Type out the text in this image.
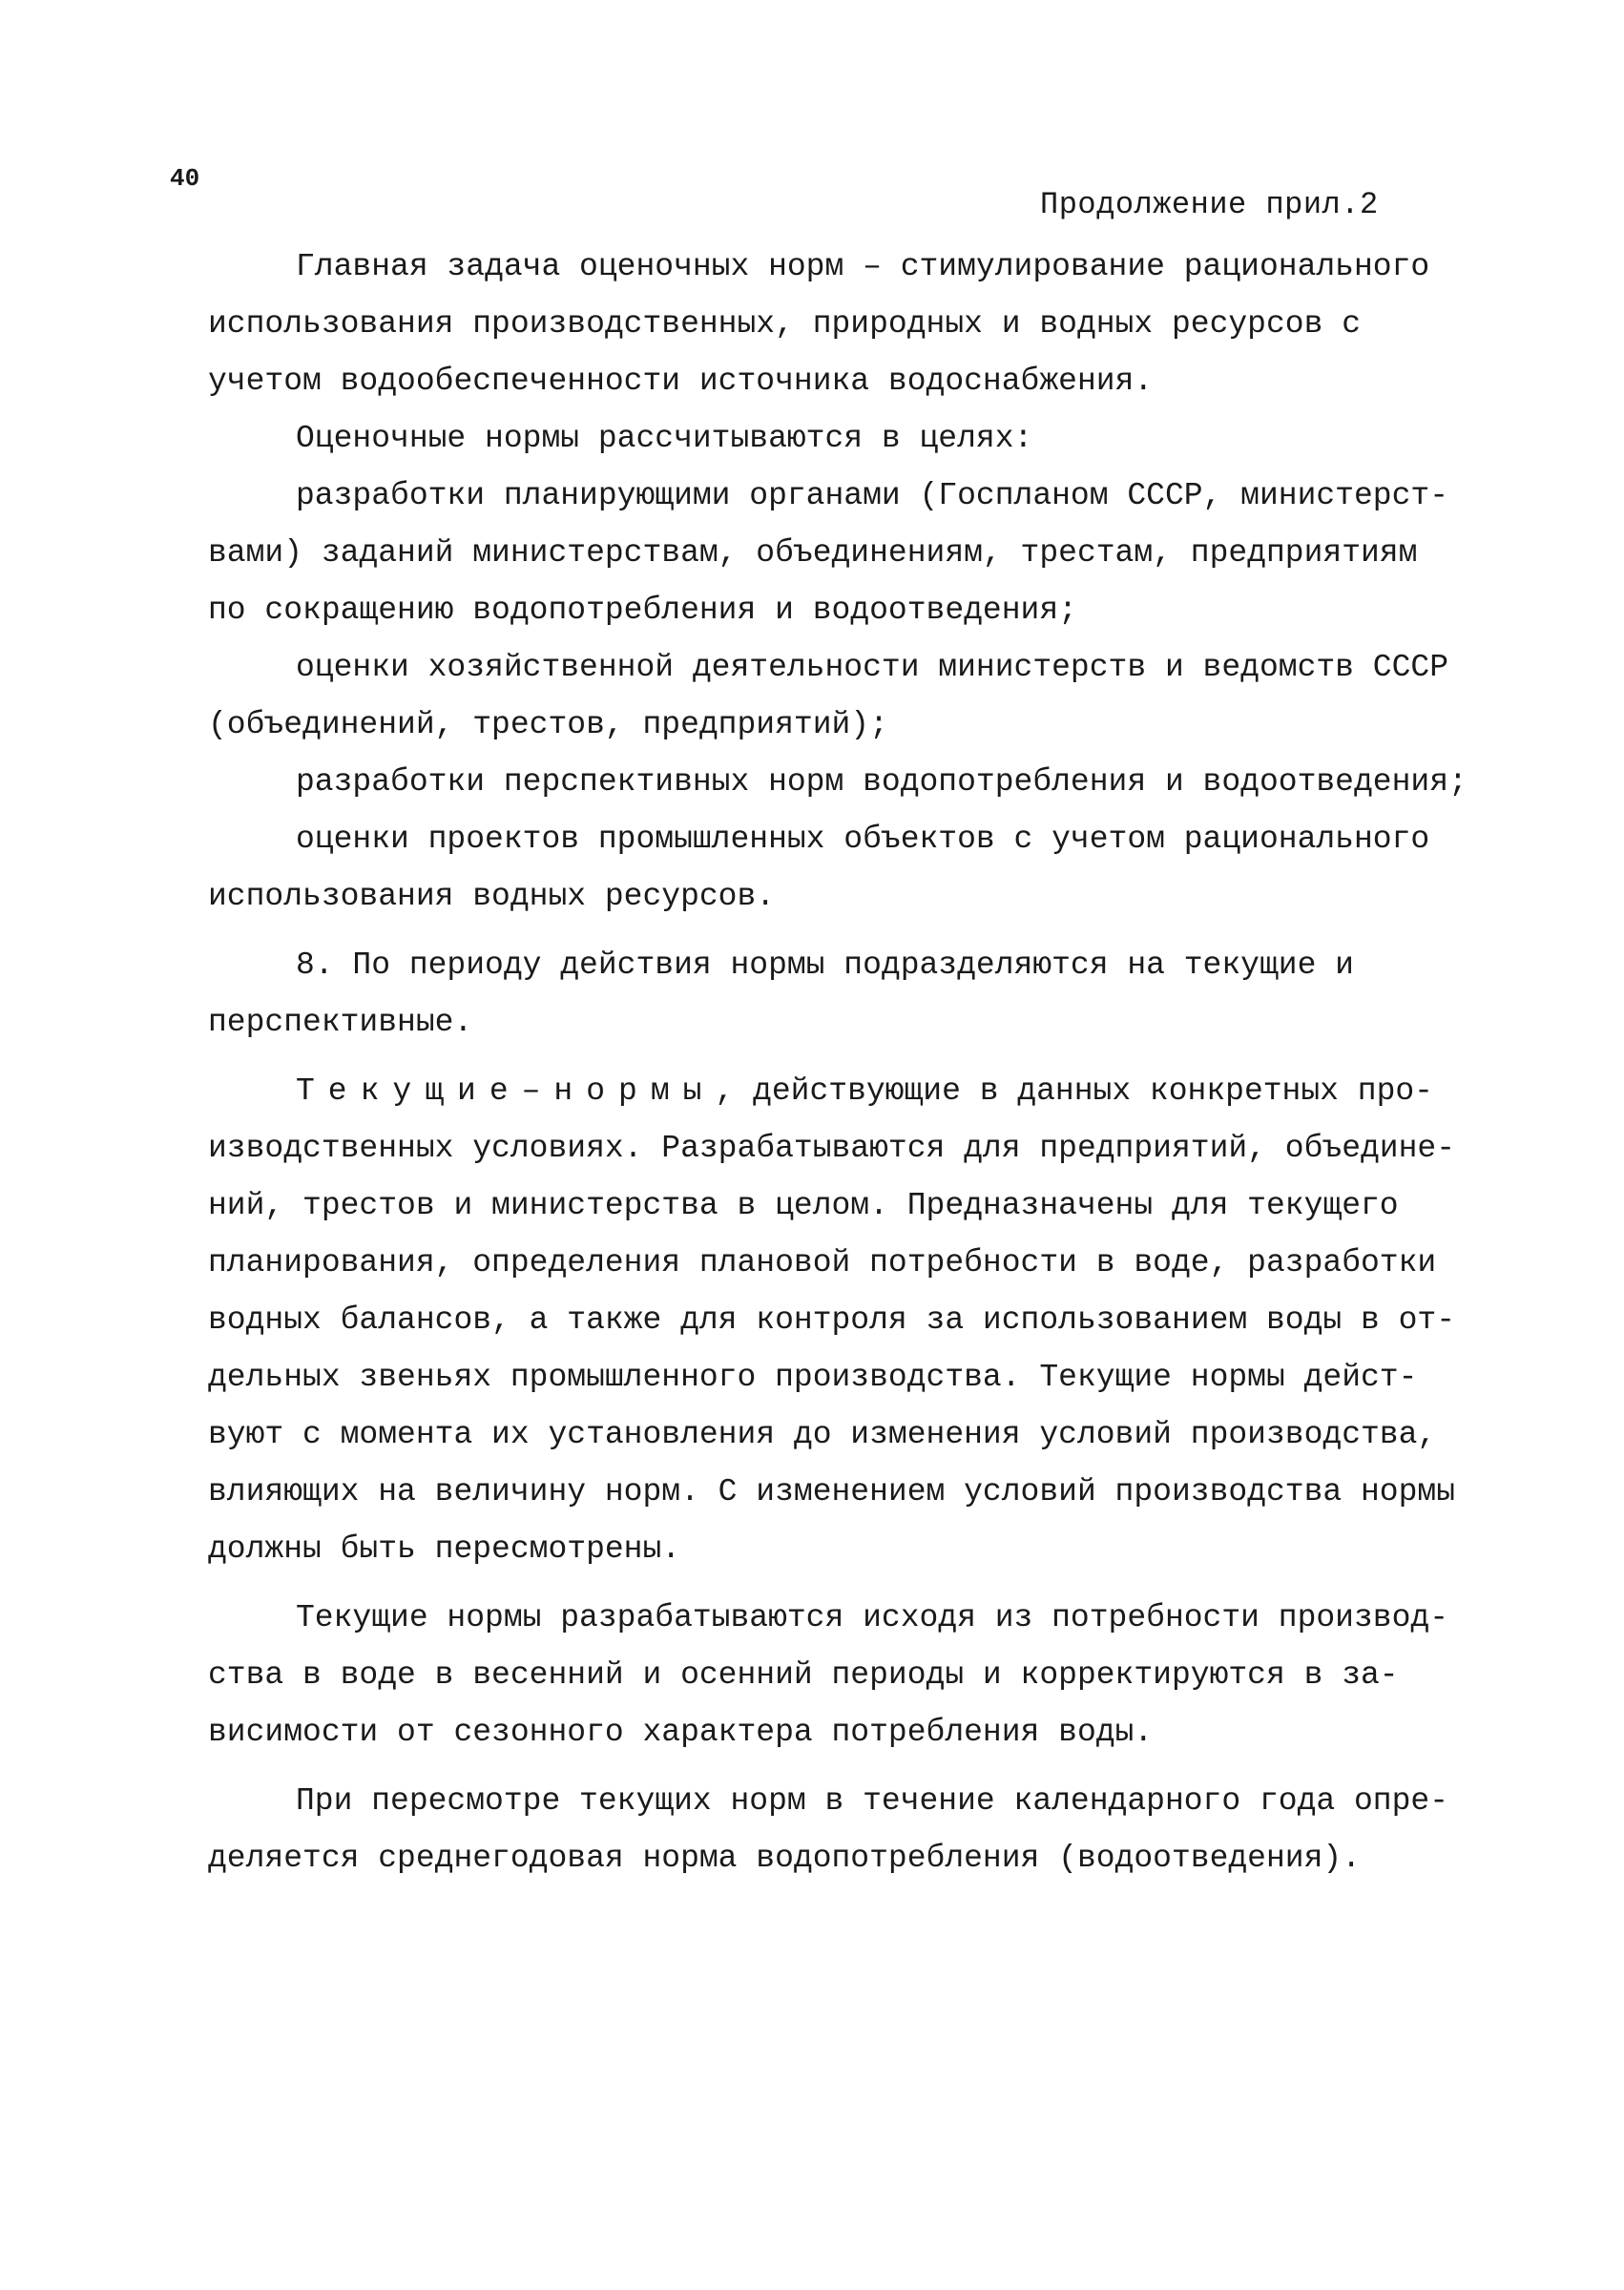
40
Продолжение прил.2
Главная задача оценочных норм – стимулирование рационального
использования производственных, природных и водных ресурсов с
учетом водообеспеченности источника водоснабжения.
Оценочные нормы рассчитываются в целях:
разработки планирующими органами (Госпланом СССР, министерст-
вами) заданий министерствам, объединениям, трестам, предприятиям
по сокращению водопотребления и водоотведения;
оценки хозяйственной деятельности министерств и ведомств СССР
(объединений, трестов, предприятий);
разработки перспективных норм водопотребления и водоотведения;
оценки проектов промышленных объектов с учетом рационального
использования водных ресурсов.
8. По периоду действия нормы подразделяются на текущие и
перспективные.
Текущие–нормы, действующие в данных конкретных про-
изводственных условиях. Разрабатываются для предприятий, объедине-
ний, трестов и министерства в целом. Предназначены для текущего
планирования, определения плановой потребности в воде, разработки
водных балансов, а также для контроля за использованием воды в от-
дельных звеньях промышленного производства. Текущие нормы дейст-
вуют с момента их установления до изменения условий производства,
влияющих на величину норм. С изменением условий производства нормы
должны быть пересмотрены.
Текущие нормы разрабатываются исходя из потребности производ-
ства в воде в весенний и осенний периоды и корректируются в за-
висимости от сезонного характера потребления воды.
При пересмотре текущих норм в течение календарного года опре-
деляется среднегодовая норма водопотребления (водоотведения).
